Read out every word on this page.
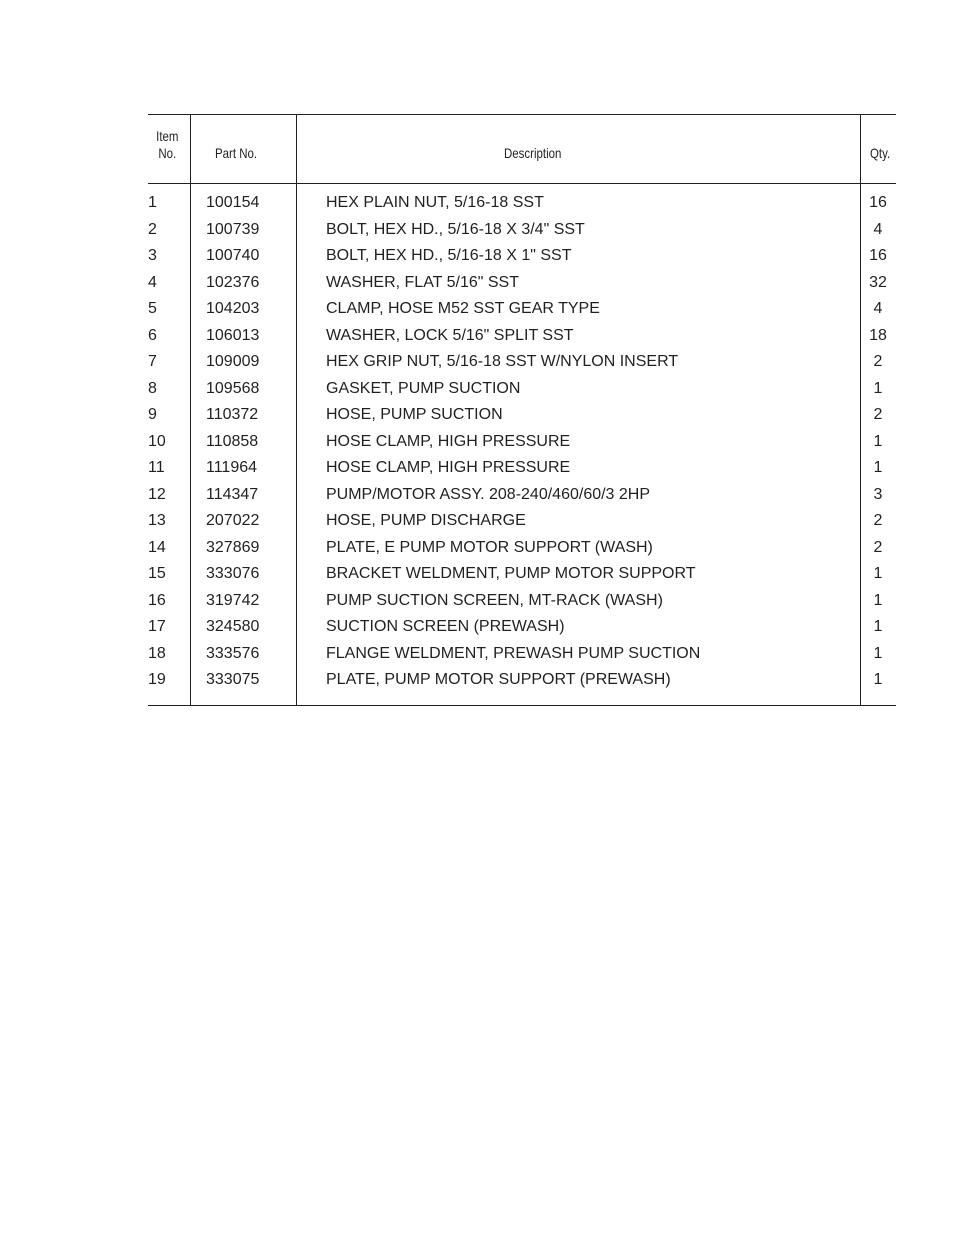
Item
No.	Part No.	Description	Qty.
1	100154	HEX PLAIN NUT, 5/16-18 SST	16
2	100739	BOLT, HEX HD., 5/16-18 X 3/4" SST	4
3	100740	BOLT, HEX HD., 5/16-18 X 1" SST	16
4	102376	WASHER, FLAT 5/16" SST	32
5	104203	CLAMP, HOSE M52 SST GEAR TYPE	4
6	106013	WASHER, LOCK 5/16" SPLIT SST	18
7	109009	HEX GRIP NUT, 5/16-18 SST W/NYLON INSERT	2
8	109568	GASKET, PUMP SUCTION	1
9	110372	HOSE, PUMP SUCTION	2
10	110858	HOSE CLAMP, HIGH PRESSURE	1
11	111964	HOSE CLAMP, HIGH PRESSURE	1
12	114347	PUMP/MOTOR ASSY. 208-240/460/60/3 2HP	3
13	207022	HOSE, PUMP DISCHARGE	2
14	327869	PLATE, E PUMP MOTOR SUPPORT (WASH)	2
15	333076	BRACKET WELDMENT, PUMP MOTOR SUPPORT	1
16	319742	PUMP SUCTION SCREEN, MT-RACK (WASH)	1
17	324580	SUCTION SCREEN (PREWASH)	1
18	333576	FLANGE WELDMENT, PREWASH PUMP SUCTION	1
19	333075	PLATE, PUMP MOTOR SUPPORT (PREWASH)	1
